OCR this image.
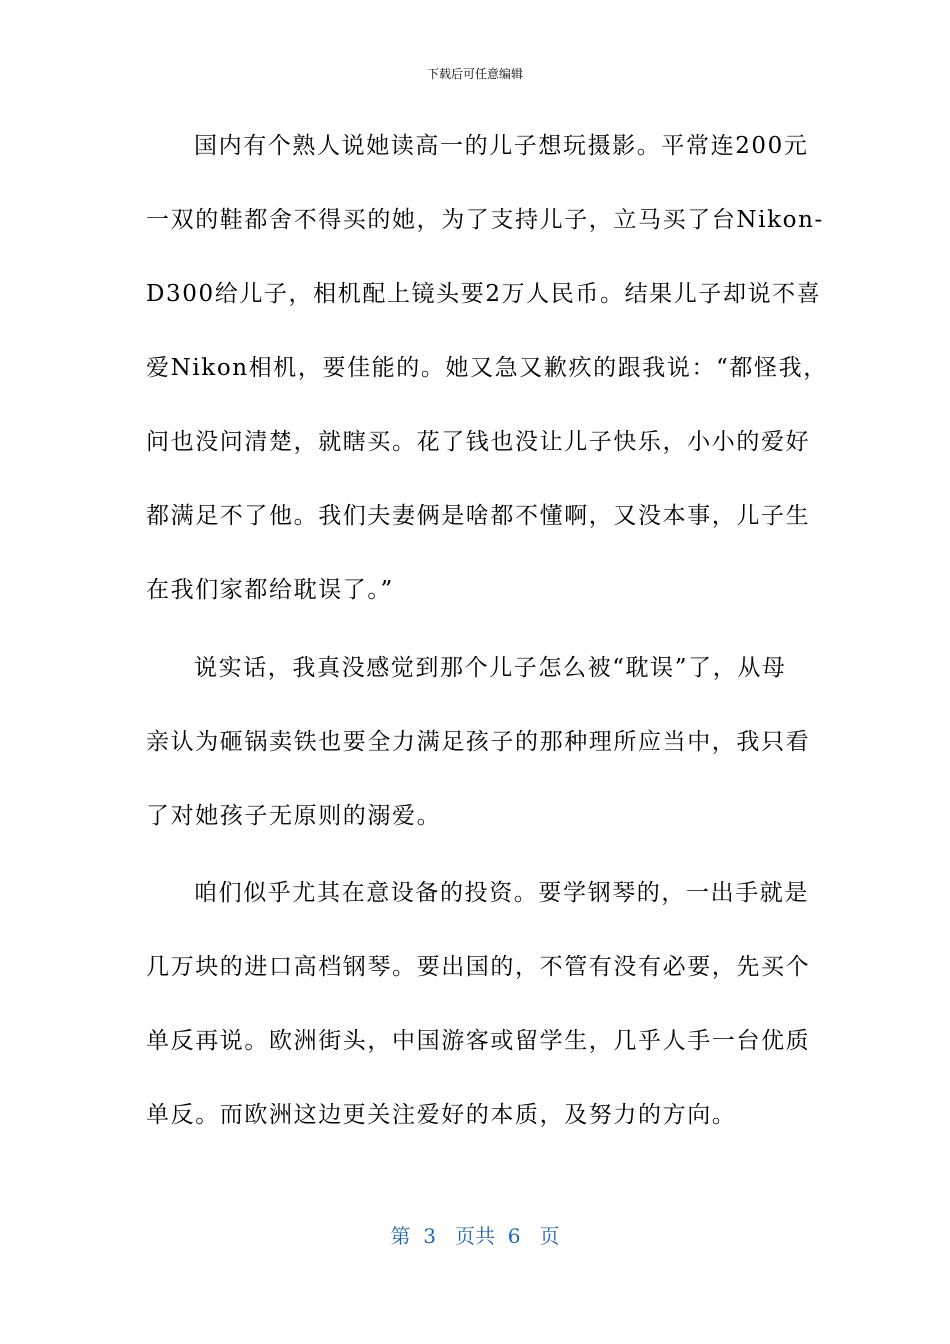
下载后可任意编辑
国内有个熟人说她读高一的儿子想玩摄影。平常连200元
一双的鞋都舍不得买的她，为了支持儿子，立马买了台Nikon-
D300给儿子，相机配上镜头要2万人民币。结果儿子却说不喜
爱Nikon相机，要佳能的。她又急又歉疚的跟我说：“都怪我，
问也没问清楚，就瞎买。花了钱也没让儿子快乐，小小的爱好
都满足不了他。我们夫妻俩是啥都不懂啊，又没本事，儿子生
在我们家都给耽误了。”
说实话，我真没感觉到那个儿子怎么被“耽误”了，从母
亲认为砸锅卖铁也要全力满足孩子的那种理所应当中，我只看
了对她孩子无原则的溺爱。
咱们似乎尤其在意设备的投资。要学钢琴的，一出手就是
几万块的进口高档钢琴。要出国的，不管有没有必要，先买个
单反再说。欧洲街头，中国游客或留学生，几乎人手一台优质
单反。而欧洲这边更关注爱好的本质，及努力的方向。
第  3   页共  6   页
